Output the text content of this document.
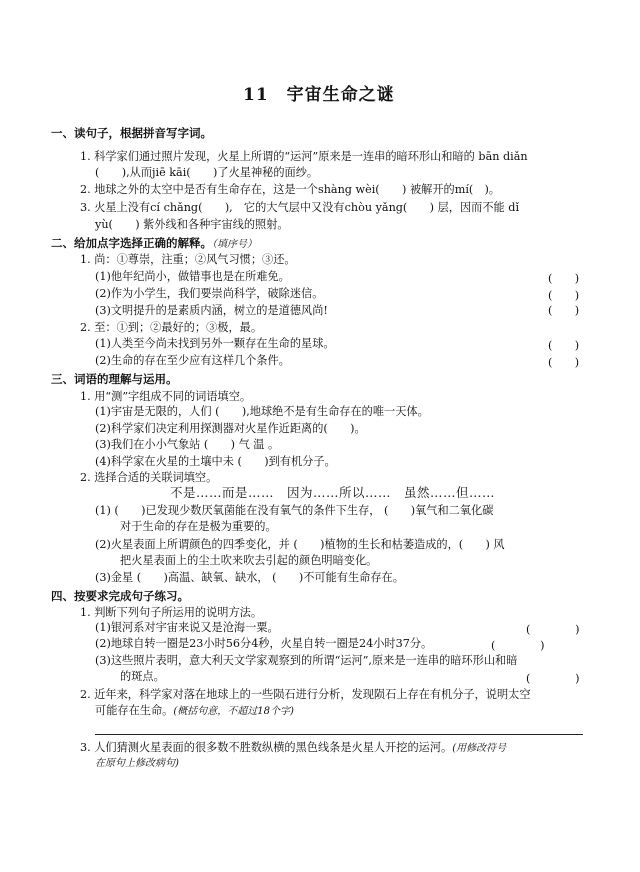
11　宇宙生命之谜
一、读句子，根据拼音写字词。
1. 科学家们通过照片发现，火星上所谓的“运河”原来是一连串的暗环形山和暗的 bān diǎn
(　　),从而jiē kāi(　　)了火星神秘的面纱。
2. 地球之外的太空中是否有生命存在，这是一个shàng wèi(　　) 被解开的mí(　)。
3. 火星上没有cí chǎng(　　),　它的大气层中又没有chòu yǎng(　　) 层，因而不能 dǐ
yù(　　) 紫外线和各种宇宙线的照射。
二、给加点字选择正确的解释。（填序号）
1. 尚：①尊崇，注重；②风气习惯；③还。
(1)他年纪尚小，做错事也是在所难免。	(　　)
(2)作为小学生，我们要崇尚科学，破除迷信。	(　　)
(3)文明提升的是素质内涵，树立的是道德风尚!	(　　)
2. 至：①到；②最好的；③极，最。
(1)人类至今尚未找到另外一颗存在生命的星球。	(　　)
(2)生命的存在至少应有这样几个条件。	(　　)
三、词语的理解与运用。
1. 用“测”字组成不同的词语填空。
(1)宇宙是无限的，人们 (　　),地球绝不是有生命存在的唯一天体。
(2)科学家们决定利用探测器对火星作近距离的(　　)。
(3)我们在小小气象站 (　　) 气 温 。
(4)科学家在火星的土壤中未 (　　)到有机分子。
2. 选择合适的关联词填空。
不是……而是……　因为……所以……　虽然……但……
(1) (　　)已发现少数厌氧菌能在没有氧气的条件下生存， (　　)氧气和二氧化碳
对于生命的存在是极为重要的。
(2)火星表面上所谓颜色的四季变化，并 (　　)植物的生长和枯萎造成的，(　　) 风
把火星表面上的尘土吹来吹去引起的颜色明暗变化。
(3)金星 (　　)高温、缺氧、缺水， (　　)不可能有生命存在。
四、按要求完成句子练习。
1. 判断下列句子所运用的说明方法。
(1)银河系对宇宙来说又是沧海一粟。	(　　　　)
(2)地球自转一圈是23小时56分4秒，火星自转一圈是24小时37分。	(　　　　)
(3)这些照片表明，意大利天文学家观察到的所谓“运河”,原来是一连串的暗环形山和暗
的斑点。	(　　　　)
2. 近年来，科学家对落在地球上的一些陨石进行分析，发现陨石上存在有机分子，说明太空
可能存在生命。(概括句意，不超过18个字)
3. 人们猜测火星表面的很多数不胜数纵横的黑色线条是火星人开挖的运河。(用修改符号
在原句上修改病句)
